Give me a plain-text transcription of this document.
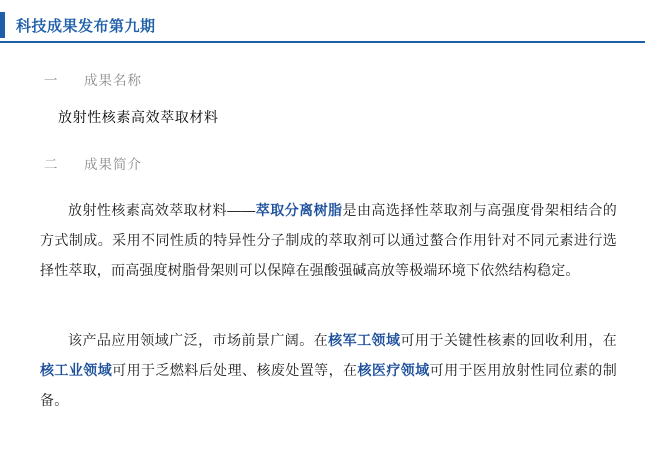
科技成果发布第九期
一	成果名称
放射性核素高效萃取材料
二	成果简介

放射性核素高效萃取材料——萃取分离树脂是由高选择性萃取剂与高强度骨架相结合的方式制成。采用不同性质的特异性分子制成的萃取剂可以通过螯合作用针对不同元素进行选择性萃取，而高强度树脂骨架则可以保障在强酸强碱高放等极端环境下依然结构稳定。

该产品应用领域广泛，市场前景广阔。在核军工领域可用于关键性核素的回收利用，在核工业领域可用于乏燃料后处理、核废处置等，在核医疗领域可用于医用放射性同位素的制备。
